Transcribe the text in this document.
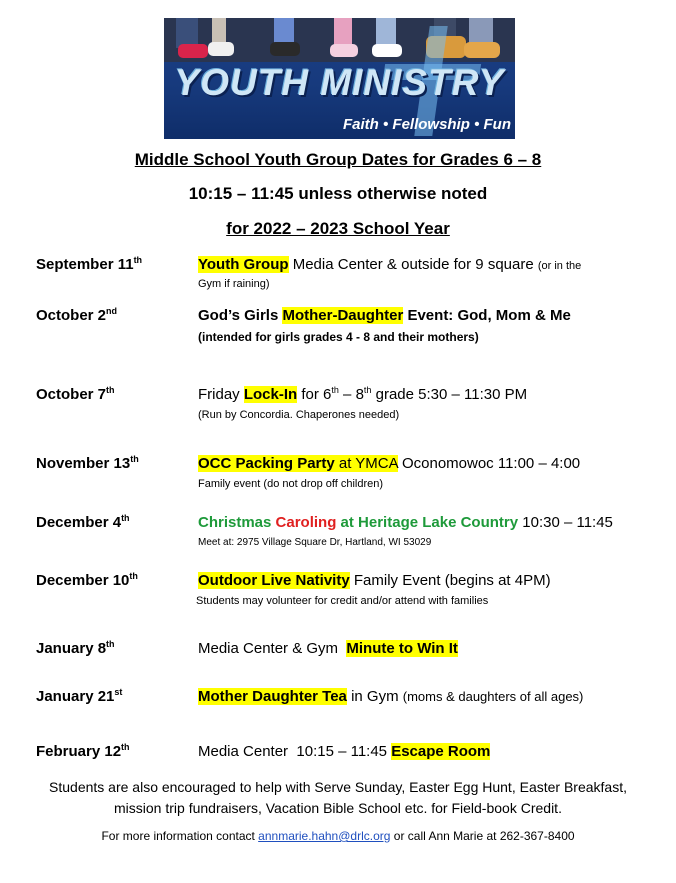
YOUTH MINISTRY
Faith • Fellowship • Fun
Middle School Youth Group Dates for Grades 6 – 8
10:15 – 11:45 unless otherwise noted
for 2022 – 2023 School Year
September 11th	Youth Group Media Center & outside for 9 square (or in the
Gym if raining)
October 2nd	God’s Girls Mother-Daughter Event: God, Mom & Me
(intended for girls grades 4 - 8 and their mothers)
October 7th	Friday Lock-In for 6th – 8th grade 5:30 – 11:30 PM
(Run by Concordia. Chaperones needed)
November 13th	OCC Packing Party at YMCA Oconomowoc 11:00 – 4:00
Family event (do not drop off children)
December 4th	Christmas Caroling at Heritage Lake Country 10:30 – 11:45
Meet at: 2975 Village Square Dr, Hartland, WI 53029
December 10th	Outdoor Live Nativity Family Event (begins at 4PM)
Students may volunteer for credit and/or attend with families
January 8th	Media Center & Gym  Minute to Win It
January 21st	Mother Daughter Tea in Gym (moms & daughters of all ages)
February 12th	Media Center  10:15 – 11:45 Escape Room
Students are also encouraged to help with Serve Sunday, Easter Egg Hunt, Easter Breakfast,
mission trip fundraisers, Vacation Bible School etc. for Field-book Credit.
For more information contact annmarie.hahn@drlc.org or call Ann Marie at 262-367-8400
